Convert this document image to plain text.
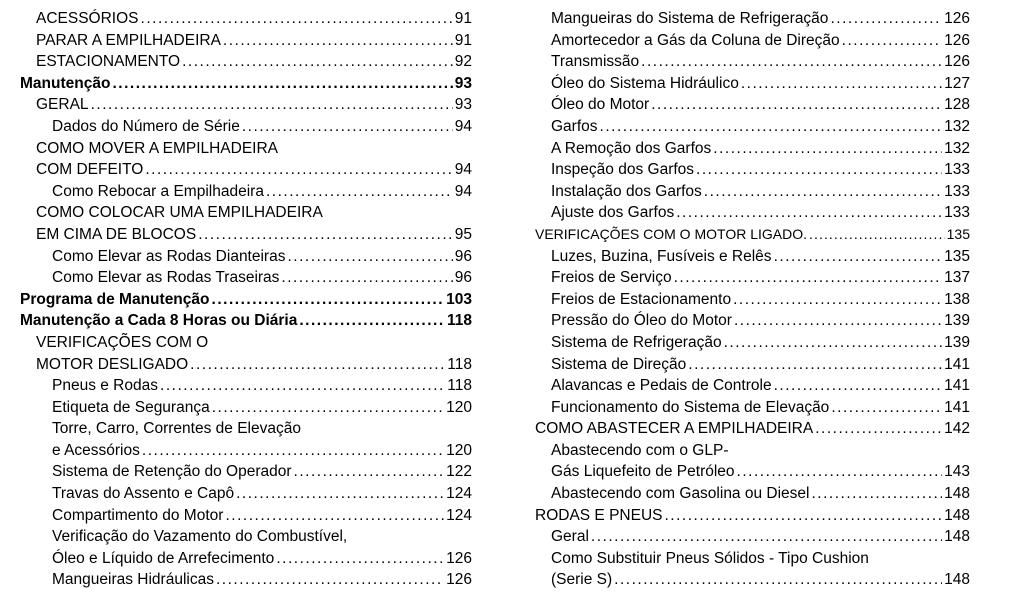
ACESSÓRIOS . . .	91
PARAR A EMPILHADEIRA . . .	91
ESTACIONAMENTO . . .	92
Manutenção . . .	93
GERAL . . .	93
Dados do Número de Série . . .	94
COMO MOVER A EMPILHADEIRA
COM DEFEITO . . .	94
Como Rebocar a Empilhadeira . . .	94
COMO COLOCAR UMA EMPILHADEIRA
EM CIMA DE BLOCOS . . .	95
Como Elevar as Rodas Dianteiras . . .	96
Como Elevar as Rodas Traseiras . . .	96
Programa de Manutenção . . .	103
Manutenção a Cada 8 Horas ou Diária . . .	118
VERIFICAÇÕES COM O
MOTOR DESLIGADO . . .	118
Pneus e Rodas . . .	118
Etiqueta de Segurança . . .	120
Torre, Carro, Correntes de Elevação
e Acessórios . . .	120
Sistema de Retenção do Operador . . .	122
Travas do Assento e Capô . . .	124
Compartimento do Motor . . .	124
Verificação do Vazamento do Combustível,
Óleo e Líquido de Arrefecimento . . .	126
Mangueiras Hidráulicas . . .	126
Mangueiras do Sistema de Refrigeração . . .	126
Amortecedor a Gás da Coluna de Direção . . .	126
Transmissão . . .	126
Óleo do Sistema Hidráulico . . .	127
Óleo do Motor . . .	128
Garfos . . .	132
A Remoção dos Garfos . . .	132
Inspeção dos Garfos . . .	133
Instalação dos Garfos . . .	133
Ajuste dos Garfos . . .	133
VERIFICAÇÕES COM O MOTOR LIGADO. . . .	135
Luzes, Buzina, Fusíveis e Relês . . .	135
Freios de Serviço . . .	137
Freios de Estacionamento . . .	138
Pressão do Óleo do Motor . . .	139
Sistema de Refrigeração . . .	139
Sistema de Direção . . .	141
Alavancas e Pedais de Controle . . .	141
Funcionamento do Sistema de Elevação . . .	141
COMO ABASTECER A EMPILHADEIRA . . .	142
Abastecendo com o GLP-
Gás Liquefeito de Petróleo . . .	143
Abastecendo com Gasolina ou Diesel . . .	148
RODAS E PNEUS . . .	148
Geral . . .	148
Como Substituir Pneus Sólidos - Tipo Cushion
(Serie S) . . .	148
